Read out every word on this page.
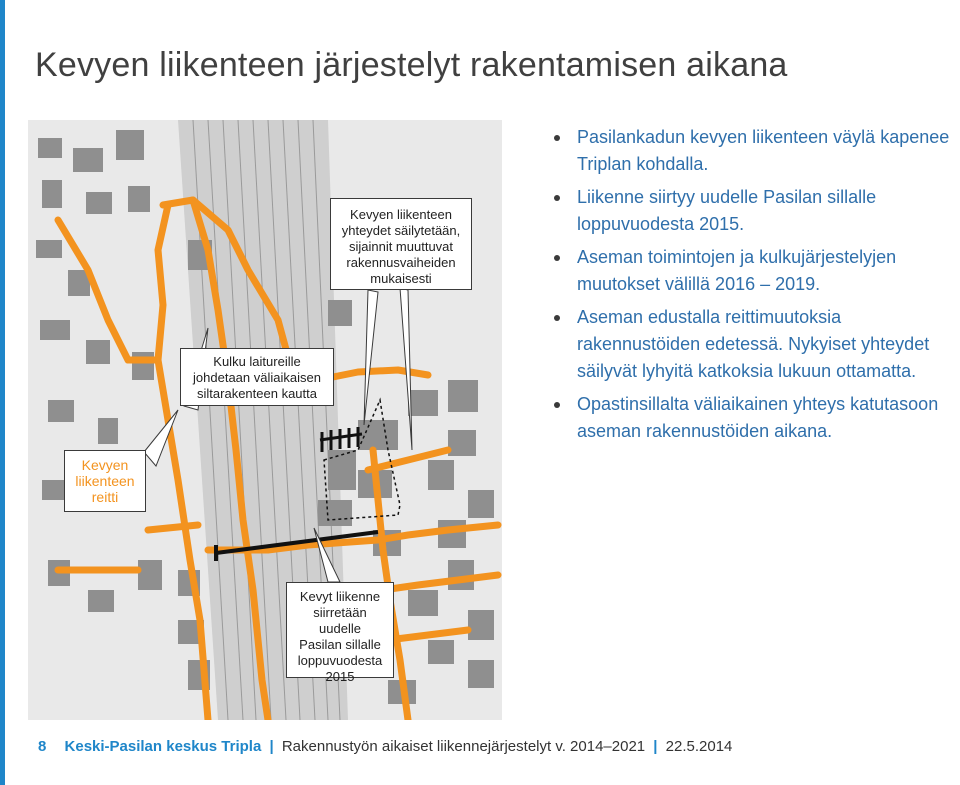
Kevyen liikenteen järjestelyt rakentamisen aikana
Kevyen liikenteen
yhteydet säilytetään,
sijainnit muuttuvat
rakennusvaiheiden
mukaisesti
Kulku laitureille
johdetaan väliaikaisen
siltarakenteen kautta
Kevyt liikenne
siirretään uudelle
Pasilan sillalle
loppuvuodesta
2015
Kevyen
liikenteen
reitti
Pasilankadun kevyen liikenteen väylä kapenee Triplan kohdalla.
Liikenne siirtyy uudelle Pasilan sillalle loppuvuodesta 2015.
Aseman toimintojen ja kulkujärjestelyjen muutokset välillä 2016 – 2019.
Aseman edustalla reittimuutoksia rakennustöiden edetessä. Nykyiset yhteydet säilyvät lyhyitä katkoksia lukuun ottamatta.
Opastinsillalta väliaikainen yhteys katutasoon aseman rakennustöiden aikana.
8 Keski-Pasilan keskus Tripla | Rakennustyön aikaiset liikennejärjestelyt v. 2014–2021 | 22.5.2014
